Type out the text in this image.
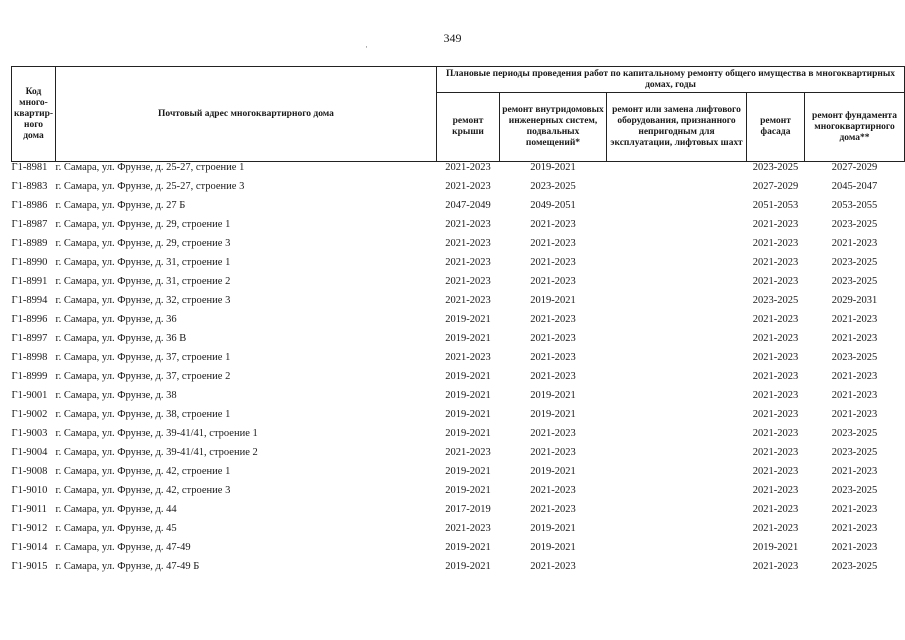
349
·
Код много-квартир-ного дома	Почтовый адрес многоквартирного дома	Плановые периоды проведения работ по капитальному ремонту общего имущества в многоквартирных домах, годы				
		ремонт крыши	ремонт внутридомовых инженерных систем, подвальных помещений*	ремонт или замена лифтового оборудования, признанного непригодным для эксплуатации, лифтовых шахт	ремонт фасада	ремонт фундамента многоквартирного дома**
Г1-8981	г. Самара, ул. Фрунзе, д. 25-27, строение 1	2021-2023	2019-2021		2023-2025	2027-2029
Г1-8983	г. Самара, ул. Фрунзе, д. 25-27, строение 3	2021-2023	2023-2025		2027-2029	2045-2047
Г1-8986	г. Самара, ул. Фрунзе, д. 27 Б	2047-2049	2049-2051		2051-2053	2053-2055
Г1-8987	г. Самара, ул. Фрунзе, д. 29, строение 1	2021-2023	2021-2023		2021-2023	2023-2025
Г1-8989	г. Самара, ул. Фрунзе, д. 29, строение 3	2021-2023	2021-2023		2021-2023	2021-2023
Г1-8990	г. Самара, ул. Фрунзе, д. 31, строение 1	2021-2023	2021-2023		2021-2023	2023-2025
Г1-8991	г. Самара, ул. Фрунзе, д. 31, строение 2	2021-2023	2021-2023		2021-2023	2023-2025
Г1-8994	г. Самара, ул. Фрунзе, д. 32, строение 3	2021-2023	2019-2021		2023-2025	2029-2031
Г1-8996	г. Самара, ул. Фрунзе, д. 36	2019-2021	2021-2023		2021-2023	2021-2023
Г1-8997	г. Самара, ул. Фрунзе, д. 36 В	2019-2021	2021-2023		2021-2023	2021-2023
Г1-8998	г. Самара, ул. Фрунзе, д. 37, строение 1	2021-2023	2021-2023		2021-2023	2023-2025
Г1-8999	г. Самара, ул. Фрунзе, д. 37, строение 2	2019-2021	2021-2023		2021-2023	2021-2023
Г1-9001	г. Самара, ул. Фрунзе, д. 38	2019-2021	2019-2021		2021-2023	2021-2023
Г1-9002	г. Самара, ул. Фрунзе, д. 38, строение 1	2019-2021	2019-2021		2021-2023	2021-2023
Г1-9003	г. Самара, ул. Фрунзе, д. 39-41/41, строение 1	2019-2021	2021-2023		2021-2023	2023-2025
Г1-9004	г. Самара, ул. Фрунзе, д. 39-41/41, строение 2	2021-2023	2021-2023		2021-2023	2023-2025
Г1-9008	г. Самара, ул. Фрунзе, д. 42, строение 1	2019-2021	2019-2021		2021-2023	2021-2023
Г1-9010	г. Самара, ул. Фрунзе, д. 42, строение 3	2019-2021	2021-2023		2021-2023	2023-2025
Г1-9011	г. Самара, ул. Фрунзе, д. 44	2017-2019	2021-2023		2021-2023	2021-2023
Г1-9012	г. Самара, ул. Фрунзе, д. 45	2021-2023	2019-2021		2021-2023	2021-2023
Г1-9014	г. Самара, ул. Фрунзе, д. 47-49	2019-2021	2019-2021		2019-2021	2021-2023
Г1-9015	г. Самара, ул. Фрунзе, д. 47-49 Б	2019-2021	2021-2023		2021-2023	2023-2025
